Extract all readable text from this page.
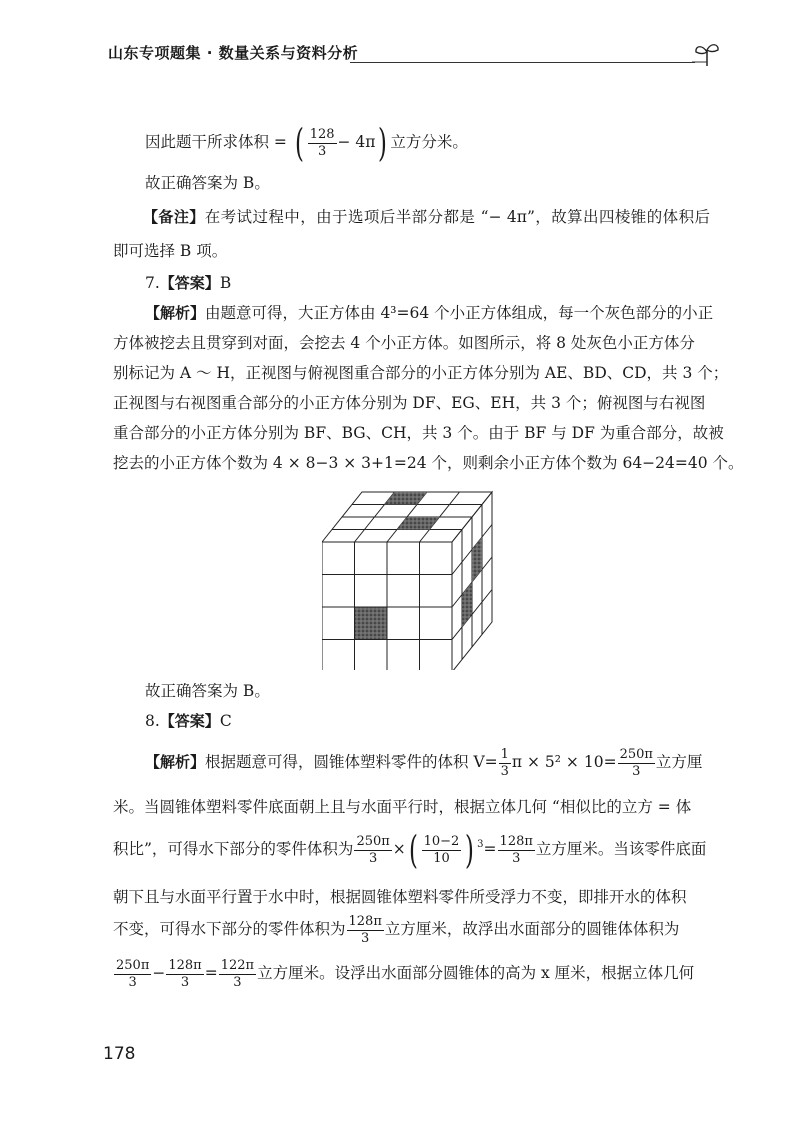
山东专项题集 · 数量关系与资料分析
因此题干所求体积 = ( $\frac{128}{3} - 4\pi$) 立方分米。
故正确答案为 B。
【备注】在考试过程中，由于选项后半部分都是 “− 4π”，故算出四棱锥的体积后即可选择 B 项。
7.【答案】B
【解析】由题意可得，大正方体由 4³=64 个小正方体组成，每一个灰色部分的小正
方体被挖去且贯穿到对面，会挖去 4 个小正方体。如图所示，将 8 处灰色小正方体分
别标记为 A ～ H，正视图与俯视图重合部分的小正方体分别为 AE、BD、CD，共 3 个；
正视图与右视图重合部分的小正方体分别为 DF、EG、EH，共 3 个；俯视图与右视图
重合部分的小正方体分别为 BF、BG、CH，共 3 个。由于 BF 与 DF 为重合部分，故被
挖去的小正方体个数为 4 × 8−3 × 3+1=24 个，则剩余小正方体个数为 64−24=40 个。
故正确答案为 B。
8.【答案】C
【解析】根据题意可得，圆锥体塑料零件的体积 $V= \frac{1}{3}$ $\pi \times 5^2 \times 10= \frac{250\pi}{3}$ 立方厘
米。当圆锥体塑料零件底面朝上且与水面平行时，根据立体几何 “相似比的立方 = 体
积比”，可得水下部分的零件体积为 $\frac{250\pi}{3}$ ×( $\frac{10-2}{10}$ ) $^3= \frac{128\pi}{3}$ 立方厘米。当该零件底面
朝下且与水面平行置于水中时，根据圆锥体塑料零件所受浮力不变，即排开水的体积
不变，可得水下部分的零件体积为 $\frac{128\pi}{3}$ 立方厘米，故浮出水面部分的圆锥体体积为
$\frac{250\pi}{3} - \frac{128\pi}{3} = \frac{122\pi}{3}$ 立方厘米。设浮出水面部分圆锥体的高为 x 厘米，根据立体几何
178
